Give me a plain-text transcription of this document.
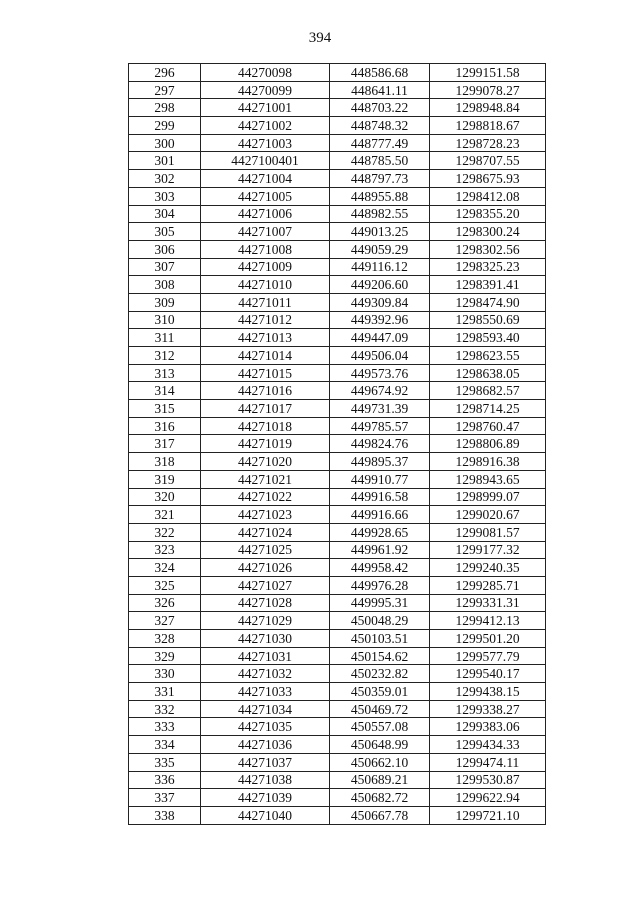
394
296	44270098	448586.68	1299151.58
297	44270099	448641.11	1299078.27
298	44271001	448703.22	1298948.84
299	44271002	448748.32	1298818.67
300	44271003	448777.49	1298728.23
301	4427100401	448785.50	1298707.55
302	44271004	448797.73	1298675.93
303	44271005	448955.88	1298412.08
304	44271006	448982.55	1298355.20
305	44271007	449013.25	1298300.24
306	44271008	449059.29	1298302.56
307	44271009	449116.12	1298325.23
308	44271010	449206.60	1298391.41
309	44271011	449309.84	1298474.90
310	44271012	449392.96	1298550.69
311	44271013	449447.09	1298593.40
312	44271014	449506.04	1298623.55
313	44271015	449573.76	1298638.05
314	44271016	449674.92	1298682.57
315	44271017	449731.39	1298714.25
316	44271018	449785.57	1298760.47
317	44271019	449824.76	1298806.89
318	44271020	449895.37	1298916.38
319	44271021	449910.77	1298943.65
320	44271022	449916.58	1298999.07
321	44271023	449916.66	1299020.67
322	44271024	449928.65	1299081.57
323	44271025	449961.92	1299177.32
324	44271026	449958.42	1299240.35
325	44271027	449976.28	1299285.71
326	44271028	449995.31	1299331.31
327	44271029	450048.29	1299412.13
328	44271030	450103.51	1299501.20
329	44271031	450154.62	1299577.79
330	44271032	450232.82	1299540.17
331	44271033	450359.01	1299438.15
332	44271034	450469.72	1299338.27
333	44271035	450557.08	1299383.06
334	44271036	450648.99	1299434.33
335	44271037	450662.10	1299474.11
336	44271038	450689.21	1299530.87
337	44271039	450682.72	1299622.94
338	44271040	450667.78	1299721.10
